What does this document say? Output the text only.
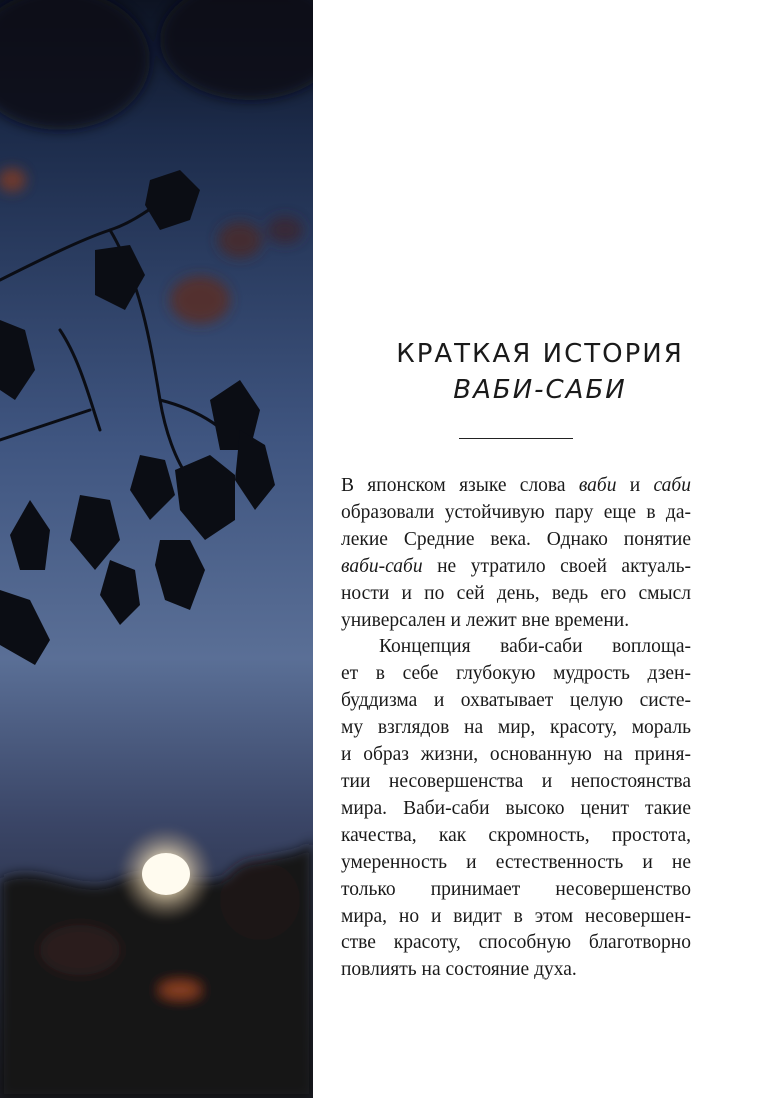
КРАТКАЯ ИСТОРИЯ
ВАБИ-САБИ

В японском языке слова ваби и саби
образовали устойчивую пару еще в да-
лекие Средние века. Однако понятие
ваби-саби не утратило своей актуаль-
ности и по сей день, ведь его смысл
универсален и лежит вне времени.

Концепция ваби-саби воплоща-
ет в себе глубокую мудрость дзен-
буддизма и охватывает целую систе-
му взглядов на мир, красоту, мораль
и образ жизни, основанную на приня-
тии несовершенства и непостоянства
мира. Ваби-саби высоко ценит такие
качества, как скромность, простота,
умеренность и естественность и не
только принимает несовершенство
мира, но и видит в этом несовершен-
стве красоту, способную благотворно
повлиять на состояние духа.
